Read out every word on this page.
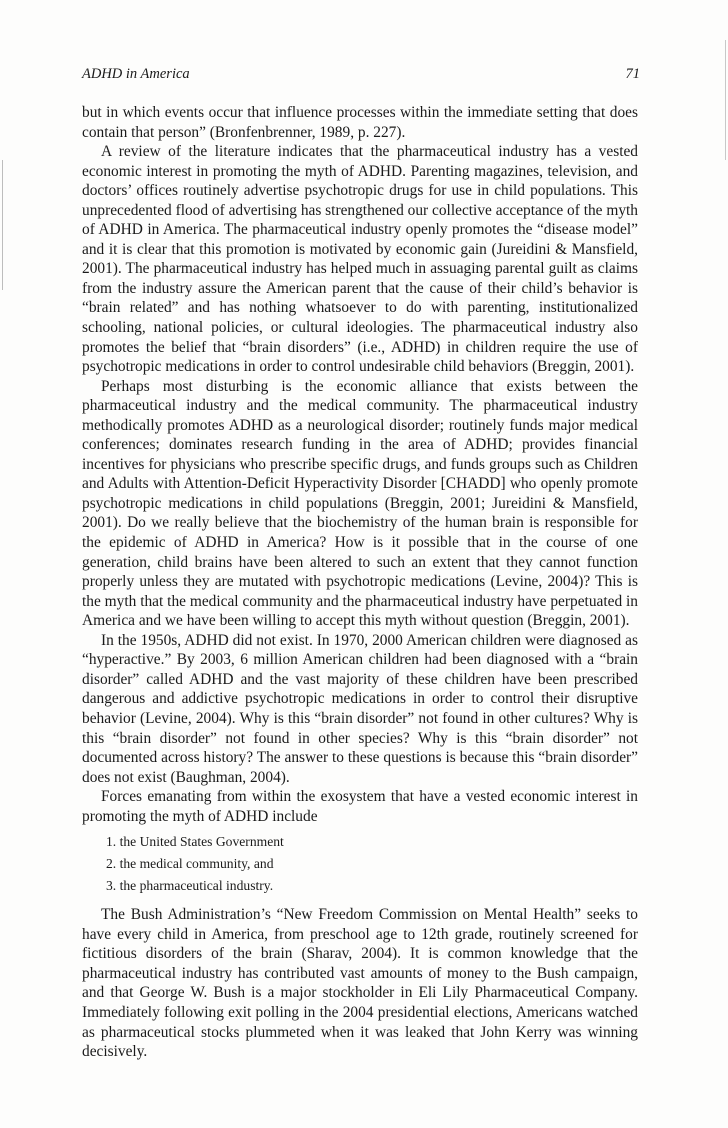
ADHD in America	71

but in which events occur that influence processes within the immediate setting that does contain that person” (Bronfenbrenner, 1989, p. 227).

A review of the literature indicates that the pharmaceutical industry has a vested economic interest in promoting the myth of ADHD. Parenting magazines, television, and doctors’ offices routinely advertise psychotropic drugs for use in child populations. This unprecedented flood of advertising has strengthened our collective acceptance of the myth of ADHD in America. The pharmaceutical industry openly promotes the “disease model” and it is clear that this promotion is motivated by economic gain (Jureidini & Mansfield, 2001). The pharmaceutical industry has helped much in assuaging parental guilt as claims from the industry assure the American parent that the cause of their child’s behavior is “brain related” and has nothing whatsoever to do with parenting, institutionalized schooling, national policies, or cultural ideologies. The pharmaceutical industry also promotes the belief that “brain disorders” (i.e., ADHD) in children require the use of psychotropic medications in order to control undesirable child behaviors (Breggin, 2001).

Perhaps most disturbing is the economic alliance that exists between the pharmaceutical industry and the medical community. The pharmaceutical industry methodically promotes ADHD as a neurological disorder; routinely funds major medical conferences; dominates research funding in the area of ADHD; provides financial incentives for physicians who prescribe specific drugs, and funds groups such as Children and Adults with Attention-Deficit Hyperactivity Disorder [CHADD] who openly promote psychotropic medications in child populations (Breggin, 2001; Jureidini & Mansfield, 2001). Do we really believe that the biochemistry of the human brain is responsible for the epidemic of ADHD in America? How is it possible that in the course of one generation, child brains have been altered to such an extent that they cannot function properly unless they are mutated with psychotropic medications (Levine, 2004)? This is the myth that the medical community and the pharmaceutical industry have perpetuated in America and we have been willing to accept this myth without question (Breggin, 2001).

In the 1950s, ADHD did not exist. In 1970, 2000 American children were diagnosed as “hyperactive.” By 2003, 6 million American children had been diagnosed with a “brain disorder” called ADHD and the vast majority of these children have been prescribed dangerous and addictive psychotropic medications in order to control their disruptive behavior (Levine, 2004). Why is this “brain disorder” not found in other cultures? Why is this “brain disorder” not found in other species? Why is this “brain disorder” not documented across history? The answer to these questions is because this “brain disorder” does not exist (Baughman, 2004).

Forces emanating from within the exosystem that have a vested economic interest in promoting the myth of ADHD include

1. the United States Government
2. the medical community, and
3. the pharmaceutical industry.

The Bush Administration’s “New Freedom Commission on Mental Health” seeks to have every child in America, from preschool age to 12th grade, routinely screened for fictitious disorders of the brain (Sharav, 2004). It is common knowledge that the pharmaceutical industry has contributed vast amounts of money to the Bush campaign, and that George W. Bush is a major stockholder in Eli Lily Pharmaceutical Company. Immediately following exit polling in the 2004 presidential elections, Americans watched as pharmaceutical stocks plummeted when it was leaked that John Kerry was winning decisively.
